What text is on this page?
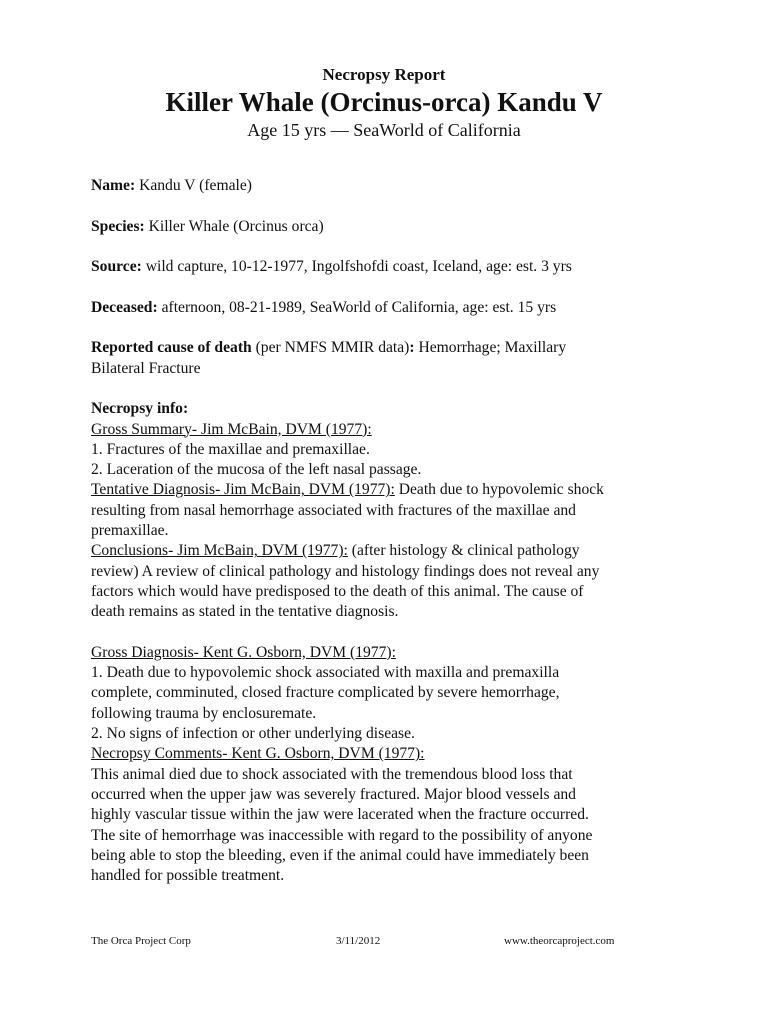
Necropsy Report
Killer Whale (Orcinus-orca) Kandu V
Age 15 yrs — SeaWorld of California
Name: Kandu V (female)
Species: Killer Whale (Orcinus orca)
Source: wild capture, 10-12-1977, Ingolfshofdi coast, Iceland, age: est. 3 yrs
Deceased: afternoon, 08-21-1989, SeaWorld of California, age: est. 15 yrs
Reported cause of death (per NMFS MMIR data): Hemorrhage; Maxillary
Bilateral Fracture
Necropsy info:
Gross Summary- Jim McBain, DVM (1977):
1. Fractures of the maxillae and premaxillae.
2. Laceration of the mucosa of the left nasal passage.
Tentative Diagnosis- Jim McBain, DVM (1977): Death due to hypovolemic shock
resulting from nasal hemorrhage associated with fractures of the maxillae and
premaxillae.
Conclusions- Jim McBain, DVM (1977): (after histology & clinical pathology
review) A review of clinical pathology and histology findings does not reveal any
factors which would have predisposed to the death of this animal. The cause of
death remains as stated in the tentative diagnosis.
Gross Diagnosis- Kent G. Osborn, DVM (1977):
1. Death due to hypovolemic shock associated with maxilla and premaxilla
complete, comminuted, closed fracture complicated by severe hemorrhage,
following trauma by enclosuremate.
2. No signs of infection or other underlying disease.
Necropsy Comments- Kent G. Osborn, DVM (1977):
This animal died due to shock associated with the tremendous blood loss that
occurred when the upper jaw was severely fractured. Major blood vessels and
highly vascular tissue within the jaw were lacerated when the fracture occurred.
The site of hemorrhage was inaccessible with regard to the possibility of anyone
being able to stop the bleeding, even if the animal could have immediately been
handled for possible treatment.
The Orca Project Corp	3/11/2012	www.theorcaproject.com
